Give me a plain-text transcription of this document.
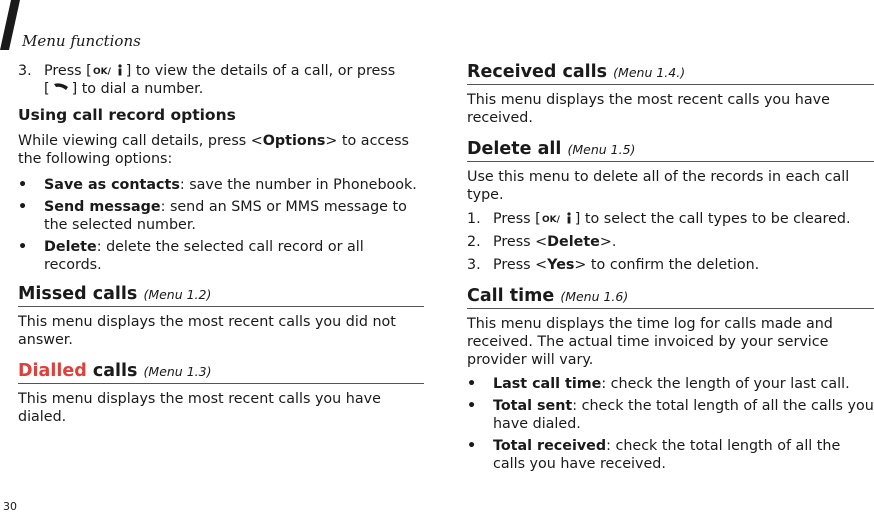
Menu functions
3. Press [ OK/ ] to view the details of a call, or press
[ ] to dial a number.
Using call record options
While viewing call details, press <Options> to access the following options:
• Save as contacts: save the number in Phonebook.
• Send message: send an SMS or MMS message to the selected number.
• Delete: delete the selected call record or all records.
Missed calls (Menu 1.2)
This menu displays the most recent calls you did not answer.
Dialled calls (Menu 1.3)
This menu displays the most recent calls you have dialed.
Received calls (Menu 1.4.)
This menu displays the most recent calls you have received.
Delete all (Menu 1.5)
Use this menu to delete all of the records in each call type.
1. Press [ OK/ ] to select the call types to be cleared.
2. Press <Delete>.
3. Press <Yes> to confirm the deletion.
Call time (Menu 1.6)
This menu displays the time log for calls made and received. The actual time invoiced by your service provider will vary.
• Last call time: check the length of your last call.
• Total sent: check the total length of all the calls you have dialed.
• Total received: check the total length of all the calls you have received.
30
